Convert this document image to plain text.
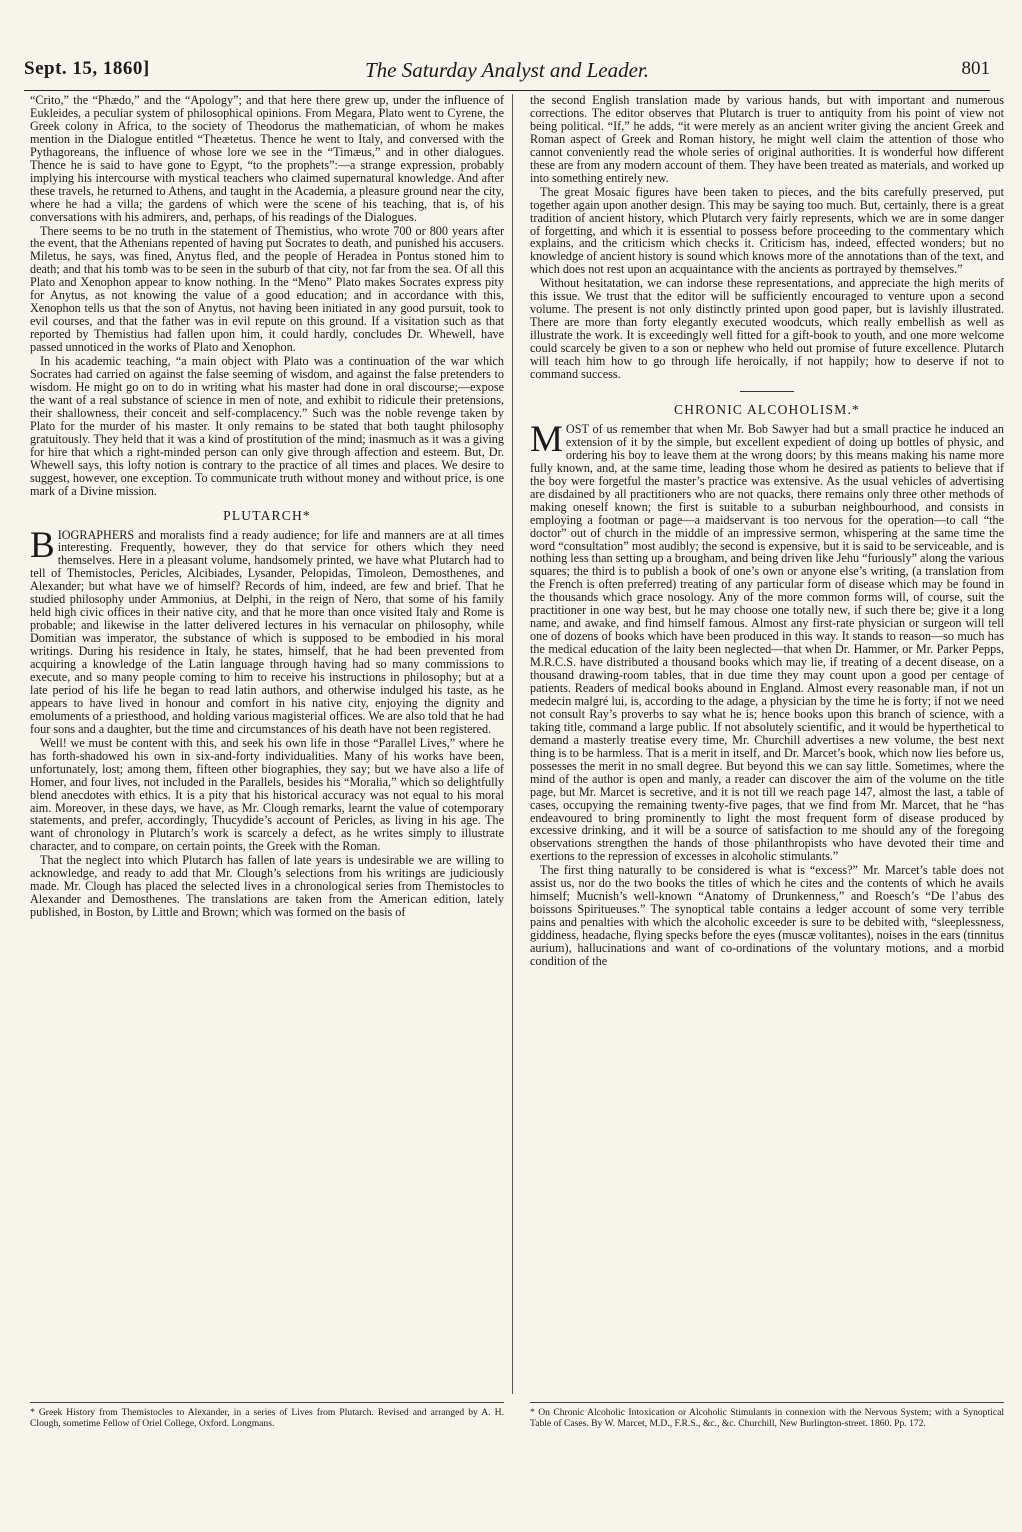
Sept. 15, 1860]	The Saturday Analyst and Leader.	801

“Crito,” the “Phædo,” and the “Apology”; and that here there grew up, under the influence of Eukleides, a peculiar system of philosophical opinions. From Megara, Plato went to Cyrene, the Greek colony in Africa, to the society of Theodorus the mathematician, of whom he makes mention in the Dialogue entitled “Theætetus. Thence he went to Italy, and conversed with the Pythagoreans, the influence of whose lore we see in the “Timæus,” and in other dialogues. Thence he is said to have gone to Egypt, “to the prophets”:—a strange expression, probably implying his intercourse with mystical teachers who claimed supernatural knowledge. And after these travels, he returned to Athens, and taught in the Academia, a pleasure ground near the city, where he had a villa; the gardens of which were the scene of his teaching, that is, of his conversations with his admirers, and, perhaps, of his readings of the Dialogues.

There seems to be no truth in the statement of Themistius, who wrote 700 or 800 years after the event, that the Athenians repented of having put Socrates to death, and punished his accusers. Miletus, he says, was fined, Anytus fled, and the people of Heradea in Pontus stoned him to death; and that his tomb was to be seen in the suburb of that city, not far from the sea. Of all this Plato and Xenophon appear to know nothing. In the “Meno” Plato makes Socrates express pity for Anytus, as not knowing the value of a good education; and in accordance with this, Xenophon tells us that the son of Anytus, not having been initiated in any good pursuit, took to evil courses, and that the father was in evil repute on this ground. If a visitation such as that reported by Themistius had fallen upon him, it could hardly, concludes Dr. Whewell, have passed unnoticed in the works of Plato and Xenophon.

In his academic teaching, “a main object with Plato was a continuation of the war which Socrates had carried on against the false seeming of wisdom, and against the false pretenders to wisdom. He might go on to do in writing what his master had done in oral discourse;—expose the want of a real substance of science in men of note, and exhibit to ridicule their pretensions, their shallowness, their conceit and self-complacency.” Such was the noble revenge taken by Plato for the murder of his master. It only remains to be stated that both taught philosophy gratuitously. They held that it was a kind of prostitution of the mind; inasmuch as it was a giving for hire that which a right-minded person can only give through affection and esteem. But, Dr. Whewell says, this lofty notion is contrary to the practice of all times and places. We desire to suggest, however, one exception. To communicate truth without money and without price, is one mark of a Divine mission.

PLUTARCH*

BIOGRAPHERS and moralists find a ready audience; for life and manners are at all times interesting. Frequently, however, they do that service for others which they need themselves. Here in a pleasant volume, handsomely printed, we have what Plutarch had to tell of Themistocles, Pericles, Alcibiades, Lysander, Pelopidas, Timoleon, Demosthenes, and Alexander; but what have we of himself? Records of him, indeed, are few and brief. That he studied philosophy under Ammonius, at Delphi, in the reign of Nero, that some of his family held high civic offices in their native city, and that he more than once visited Italy and Rome is probable; and likewise in the latter delivered lectures in his vernacular on philosophy, while Domitian was imperator, the substance of which is supposed to be embodied in his moral writings. During his residence in Italy, he states, himself, that he had been prevented from acquiring a knowledge of the Latin language through having had so many commissions to execute, and so many people coming to him to receive his instructions in philosophy; but at a late period of his life he began to read latin authors, and otherwise indulged his taste, as he appears to have lived in honour and comfort in his native city, enjoying the dignity and emoluments of a priesthood, and holding various magisterial offices. We are also told that he had four sons and a daughter, but the time and circumstances of his death have not been registered.

Well! we must be content with this, and seek his own life in those “Parallel Lives,” where he has forth-shadowed his own in six-and-forty individualities. Many of his works have been, unfortunately, lost; among them, fifteen other biographies, they say; but we have also a life of Homer, and four lives, not included in the Parallels, besides his “Moralia,” which so delightfully blend anecdotes with ethics. It is a pity that his historical accuracy was not equal to his moral aim. Moreover, in these days, we have, as Mr. Clough remarks, learnt the value of cotemporary statements, and prefer, accordingly, Thucydide’s account of Pericles, as living in his age. The want of chronology in Plutarch’s work is scarcely a defect, as he writes simply to illustrate character, and to compare, on certain points, the Greek with the Roman.

That the neglect into which Plutarch has fallen of late years is undesirable we are willing to acknowledge, and ready to add that Mr. Clough’s selections from his writings are judiciously made. Mr. Clough has placed the selected lives in a chronological series from Themistocles to Alexander and Demosthenes. The translations are taken from the American edition, lately published, in Boston, by Little and Brown; which was formed on the basis of

the second English translation made by various hands, but with important and numerous corrections. The editor observes that Plutarch is truer to antiquity from his point of view not being political. “If,” he adds, “it were merely as an ancient writer giving the ancient Greek and Roman aspect of Greek and Roman history, he might well claim the attention of those who cannot conveniently read the whole series of original authorities. It is wonderful how different these are from any modern account of them. They have been treated as materials, and worked up into something entirely new.

The great Mosaic figures have been taken to pieces, and the bits carefully preserved, put together again upon another design. This may be saying too much. But, certainly, there is a great tradition of ancient history, which Plutarch very fairly represents, which we are in some danger of forgetting, and which it is essential to possess before proceeding to the commentary which explains, and the criticism which checks it. Criticism has, indeed, effected wonders; but no knowledge of ancient history is sound which knows more of the annotations than of the text, and which does not rest upon an acquaintance with the ancients as portrayed by themselves.”

Without hesitatation, we can indorse these representations, and appreciate the high merits of this issue. We trust that the editor will be sufficiently encouraged to venture upon a second volume. The present is not only distinctly printed upon good paper, but is lavishly illustrated. There are more than forty elegantly executed woodcuts, which really embellish as well as illustrate the work. It is exceedingly well fitted for a gift-book to youth, and one more welcome could scarcely be given to a son or nephew who held out promise of future excellence. Plutarch will teach him how to go through life heroically, if not happily; how to deserve if not to command success.

CHRONIC ALCOHOLISM.*

MOST of us remember that when Mr. Bob Sawyer had but a small practice he induced an extension of it by the simple, but excellent expedient of doing up bottles of physic, and ordering his boy to leave them at the wrong doors; by this means making his name more fully known, and, at the same time, leading those whom he desired as patients to believe that if the boy were forgetful the master’s practice was extensive. As the usual vehicles of advertising are disdained by all practitioners who are not quacks, there remains only three other methods of making oneself known; the first is suitable to a suburban neighbourhood, and consists in employing a footman or page—a maidservant is too nervous for the operation—to call “the doctor” out of church in the middle of an impressive sermon, whispering at the same time the word “consultation” most audibly; the second is expensive, but it is said to be serviceable, and is nothing less than setting up a brougham, and being driven like Jehu “furiously” along the various squares; the third is to publish a book of one’s own or anyone else’s writing, (a translation from the French is often preferred) treating of any particular form of disease which may be found in the thousands which grace nosology. Any of the more common forms will, of course, suit the practitioner in one way best, but he may choose one totally new, if such there be; give it a long name, and awake, and find himself famous. Almost any first-rate physician or surgeon will tell one of dozens of books which have been produced in this way. It stands to reason—so much has the medical education of the laity been neglected—that when Dr. Hammer, or Mr. Parker Pepps, M.R.C.S. have distributed a thousand books which may lie, if treating of a decent disease, on a thousand drawing-room tables, that in due time they may count upon a good per centage of patients. Readers of medical books abound in England. Almost every reasonable man, if not un medecin malgré lui, is, according to the adage, a physician by the time he is forty; if not we need not consult Ray’s proverbs to say what he is; hence books upon this branch of science, with a taking title, command a large public. If not absolutely scientific, and it would be hyperthetical to demand a masterly treatise every time, Mr. Churchill advertises a new volume, the best next thing is to be harmless. That is a merit in itself, and Dr. Marcet’s book, which now lies before us, possesses the merit in no small degree. But beyond this we can say little. Sometimes, where the mind of the author is open and manly, a reader can discover the aim of the volume on the title page, but Mr. Marcet is secretive, and it is not till we reach page 147, almost the last, a table of cases, occupying the remaining twenty-five pages, that we find from Mr. Marcet, that he “has endeavoured to bring prominently to light the most frequent form of disease produced by excessive drinking, and it will be a source of satisfaction to me should any of the foregoing observations strengthen the hands of those philanthropists who have devoted their time and exertions to the repression of excesses in alcoholic stimulants.”

The first thing naturally to be considered is what is “excess?” Mr. Marcet’s table does not assist us, nor do the two books the titles of which he cites and the contents of which he avails himself; Mucnish’s well-known “Anatomy of Drunkenness,” and Roesch’s “De l’abus des boissons Spiritueuses.” The synoptical table contains a ledger account of some very terrible pains and penalties with which the alcoholic exceeder is sure to be debited with, “sleeplessness, giddiness, headache, flying specks before the eyes (muscæ volitantes), noises in the ears (tinnitus aurium), hallucinations and want of co-ordinations of the voluntary motions, and a morbid condition of the

* Greek History from Themistocles to Alexander, in a series of Lives from Plutarch. Revised and arranged by A. H. Clough, sometime Fellow of Oriel College, Oxford. Longmans.
* On Chronic Alcoholic Intoxication or Alcoholic Stimulants in connexion with the Nervous System; with a Synoptical Table of Cases. By W. Marcet, M.D., F.R.S., &c., &c. Churchill, New Burlington-street. 1860. Pp. 172.
